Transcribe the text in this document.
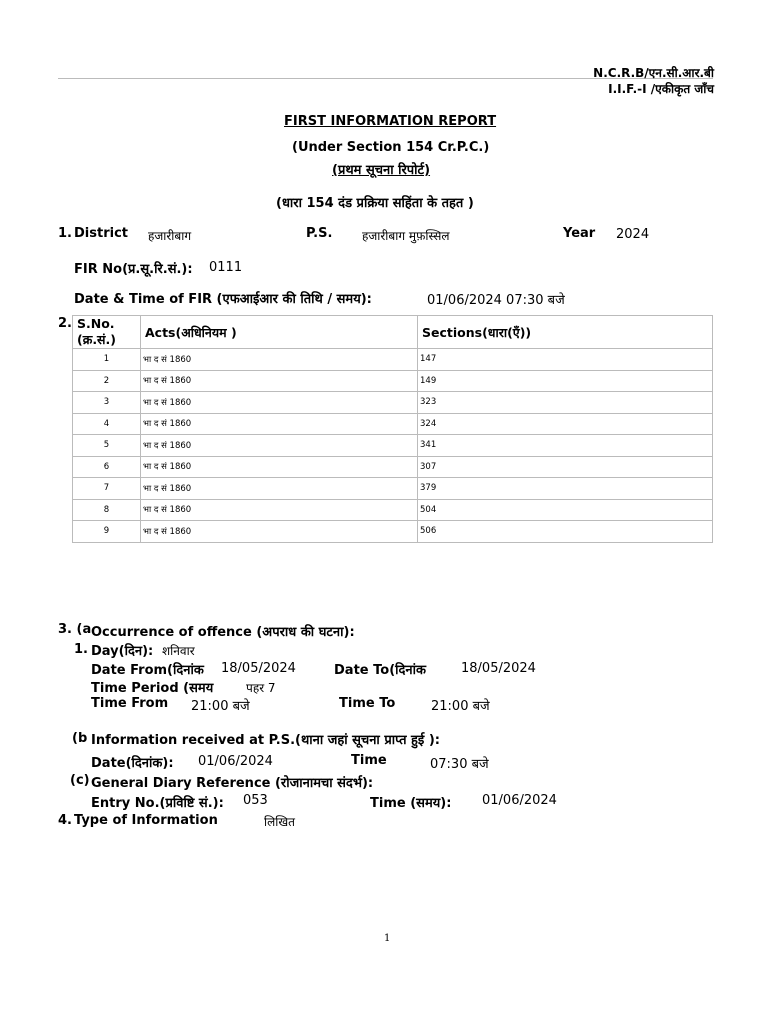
N.C.R.B/एन.सी.आर.बी
I.I.F.-I /एकीकृत जाँच
FIRST INFORMATION REPORT
(Under Section 154 Cr.P.C.)
(प्रथम सूचना रिपोर्ट)
(धारा 154 दंड प्रक्रिया सहिंता के तहत )
1. District हजारीबाग	P.S. हजारीबाग मुफ़स्सिल	Year 2024
FIR No(प्र.सू.रि.सं.): 0111
Date & Time of FIR (एफआईआर की तिथि / समय):	01/06/2024 07:30 बजे
2. S.No.(क्र.सं.)	Acts(अधिनियम )	Sections(धारा(एँ))
1	भा द सं 1860	147
2	भा द सं 1860	149
3	भा द सं 1860	323
4	भा द सं 1860	324
5	भा द सं 1860	341
6	भा द सं 1860	307
7	भा द सं 1860	379
8	भा द सं 1860	504
9	भा द सं 1860	506
3. (a Occurrence of offence (अपराध की घटना):
1. Day(दिन): शनिवार
Date From(दिनांक 18/05/2024	Date To(दिनांक	18/05/2024
Time Period (समय	पहर 7
Time From 21:00 बजे	Time To	21:00 बजे
(b Information received at P.S.(थाना जहां सूचना प्राप्त हुई ):
Date(दिनांक): 01/06/2024	Time	07:30 बजे
(c) General Diary Reference (रोजानामचा संदर्भ):
Entry No.(प्रविष्टि सं.): 053	Time (समय): 01/06/2024
4. Type of Information	लिखित
1
